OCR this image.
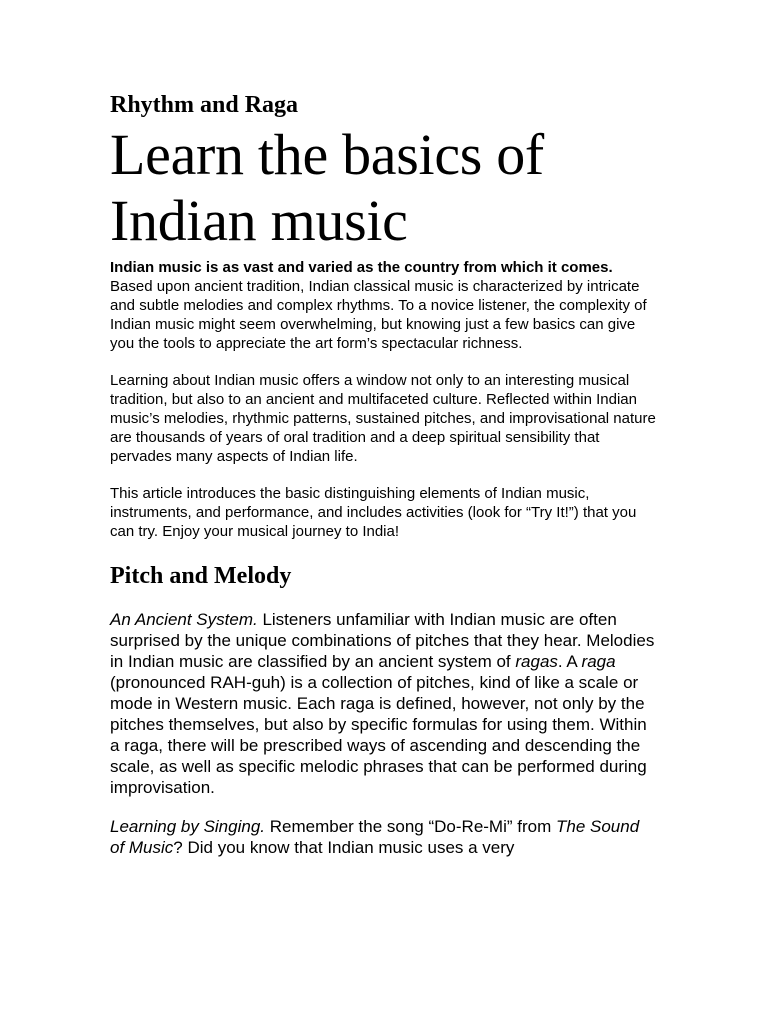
Rhythm and Raga
Learn the basics of Indian music

Indian music is as vast and varied as the country from which it comes. Based upon ancient tradition, Indian classical music is characterized by intricate and subtle melodies and complex rhythms. To a novice listener, the complexity of Indian music might seem overwhelming, but knowing just a few basics can give you the tools to appreciate the art form’s spectacular richness.

Learning about Indian music offers a window not only to an interesting musical tradition, but also to an ancient and multifaceted culture. Reflected within Indian music’s melodies, rhythmic patterns, sustained pitches, and improvisational nature are thousands of years of oral tradition and a deep spiritual sensibility that pervades many aspects of Indian life.

This article introduces the basic distinguishing elements of Indian music, instruments, and performance, and includes activities (look for “Try It!”) that you can try. Enjoy your musical journey to India!

Pitch and Melody

An Ancient System. Listeners unfamiliar with Indian music are often surprised by the unique combinations of pitches that they hear. Melodies in Indian music are classified by an ancient system of ragas. A raga (pronounced RAH-guh) is a collection of pitches, kind of like a scale or mode in Western music. Each raga is defined, however, not only by the pitches themselves, but also by specific formulas for using them. Within a raga, there will be prescribed ways of ascending and descending the scale, as well as specific melodic phrases that can be performed during improvisation.

Learning by Singing. Remember the song “Do-Re-Mi” from The Sound of Music? Did you know that Indian music uses a very
